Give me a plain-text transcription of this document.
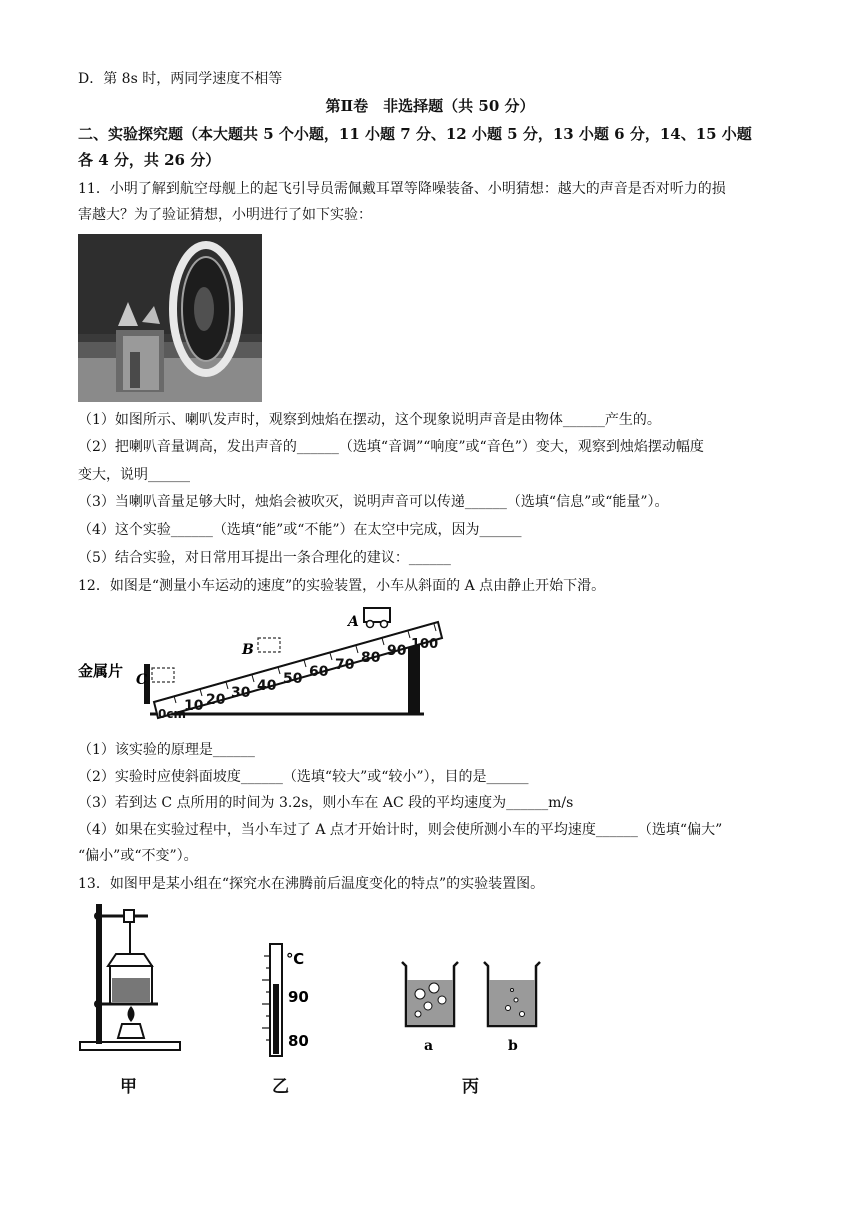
D．第 8s 时，两同学速度不相等
第Ⅱ卷　非选择题（共 50 分）
二、实验探究题（本大题共 5 个小题，11 小题 7 分、12 小题 5 分，13 小题 6 分，14、15 小题
各 4 分，共 26 分）
11．小明了解到航空母舰上的起飞引导员需佩戴耳罩等降噪装备、小明猜想：越大的声音是否对听力的损
害越大？为了验证猜想，小明进行了如下实验：
（1）如图所示、喇叭发声时，观察到烛焰在摆动，这个现象说明声音是由物体______产生的。
（2）把喇叭音量调高，发出声音的______（选填“音调”“响度”或“音色”）变大，观察到烛焰摆动幅度
变大，说明______
（3）当喇叭音量足够大时，烛焰会被吹灭，说明声音可以传递______（选填“信息”或“能量”）。
（4）这个实验______（选填“能”或“不能”）在太空中完成，因为______
（5）结合实验，对日常用耳提出一条合理化的建议：______
12．如图是“测量小车运动的速度”的实验装置，小车从斜面的 A 点由静止开始下滑。
金属片
0cm
10 20 30 40 50 60 70 80 90 100
C
B
A
（1）该实验的原理是______
（2）实验时应使斜面坡度______（选填“较大”或“较小”），目的是______
（3）若到达 C 点所用的时间为 3.2s，则小车在 AC 段的平均速度为______m/s
（4）如果在实验过程中，当小车过了 A 点才开始计时，则会使所测小车的平均速度______（选填“偏大”
“偏小”或“不变”）。
13．如图甲是某小组在“探究水在沸腾前后温度变化的特点”的实验装置图。
℃
90
80	a	b
甲	乙	丙
